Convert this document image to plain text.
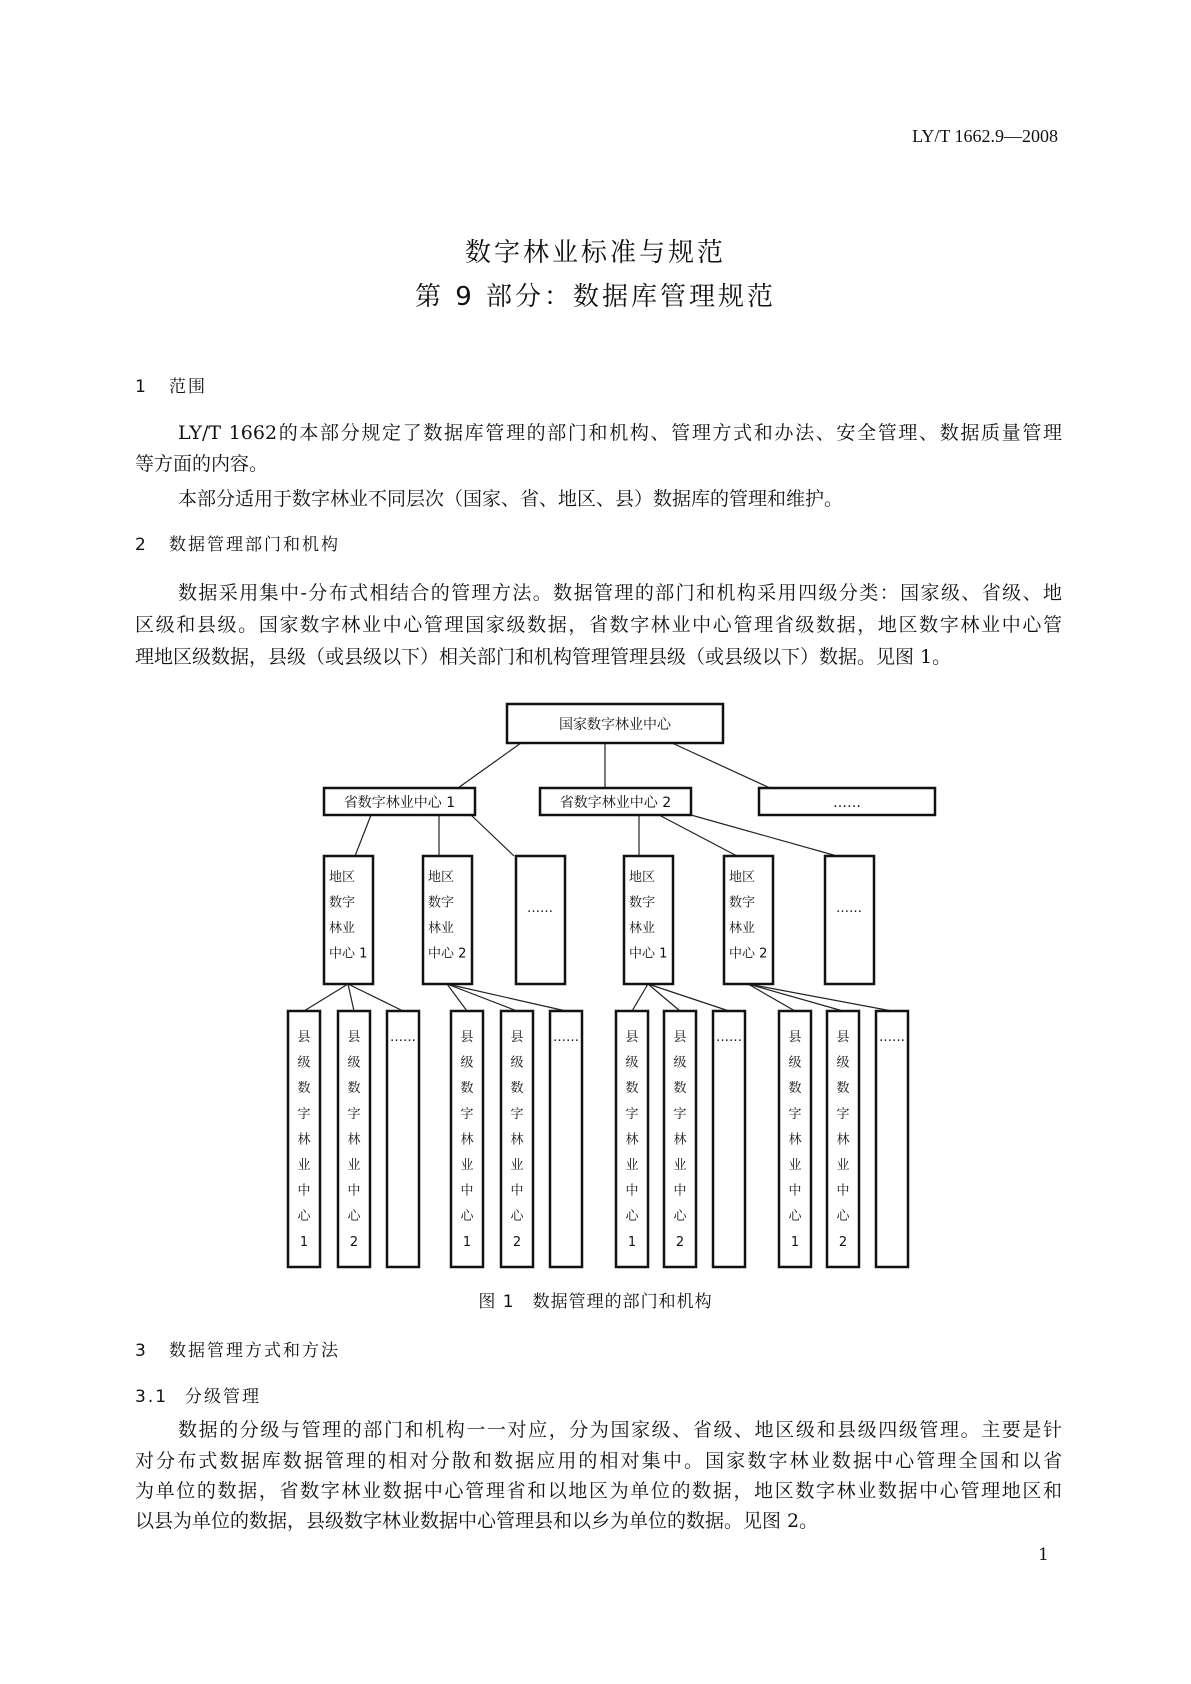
LY/T 1662.9—2008
数字林业标准与规范
第 9 部分：数据库管理规范
1 范围
LY/T 1662的本部分规定了数据库管理的部门和机构、管理方式和办法、安全管理、数据质量管理
等方面的内容。
本部分适用于数字林业不同层次（国家、省、地区、县）数据库的管理和维护。
2 数据管理部门和机构
数据采用集中-分布式相结合的管理方法。数据管理的部门和机构采用四级分类：国家级、省级、地
区级和县级。国家数字林业中心管理国家级数据，省数字林业中心管理省级数据，地区数字林业中心管
理地区级数据，县级（或县级以下）相关部门和机构管理管理县级（或县级以下）数据。见图 1。
国家数字林业中心
省数字林业中心 1	省数字林业中心 2	……
地区
数字
林业
中心 1
地区
数字
林业
中心 2
……
地区
数字
林业
中心 1
地区
数字
林业
中心 2
……
县
级
数
字
林
业
中
心
1
县
级
数
字
林
业
中
心
2
……	县
级
数
字
林
业
中
心
1
县
级
数
字
林
业
中
心
2
……	县
级
数
字
林
业
中
心
1
县
级
数
字
林
业
中
心
2
……	县
级
数
字
林
业
中
心
1
县
级
数
字
林
业
中
心
2
……
图 1　数据管理的部门和机构
3 数据管理方式和方法
3.1 分级管理
数据的分级与管理的部门和机构一一对应，分为国家级、省级、地区级和县级四级管理。主要是针
对分布式数据库数据管理的相对分散和数据应用的相对集中。国家数字林业数据中心管理全国和以省
为单位的数据，省数字林业数据中心管理省和以地区为单位的数据，地区数字林业数据中心管理地区和
以县为单位的数据，县级数字林业数据中心管理县和以乡为单位的数据。见图 2。
1
